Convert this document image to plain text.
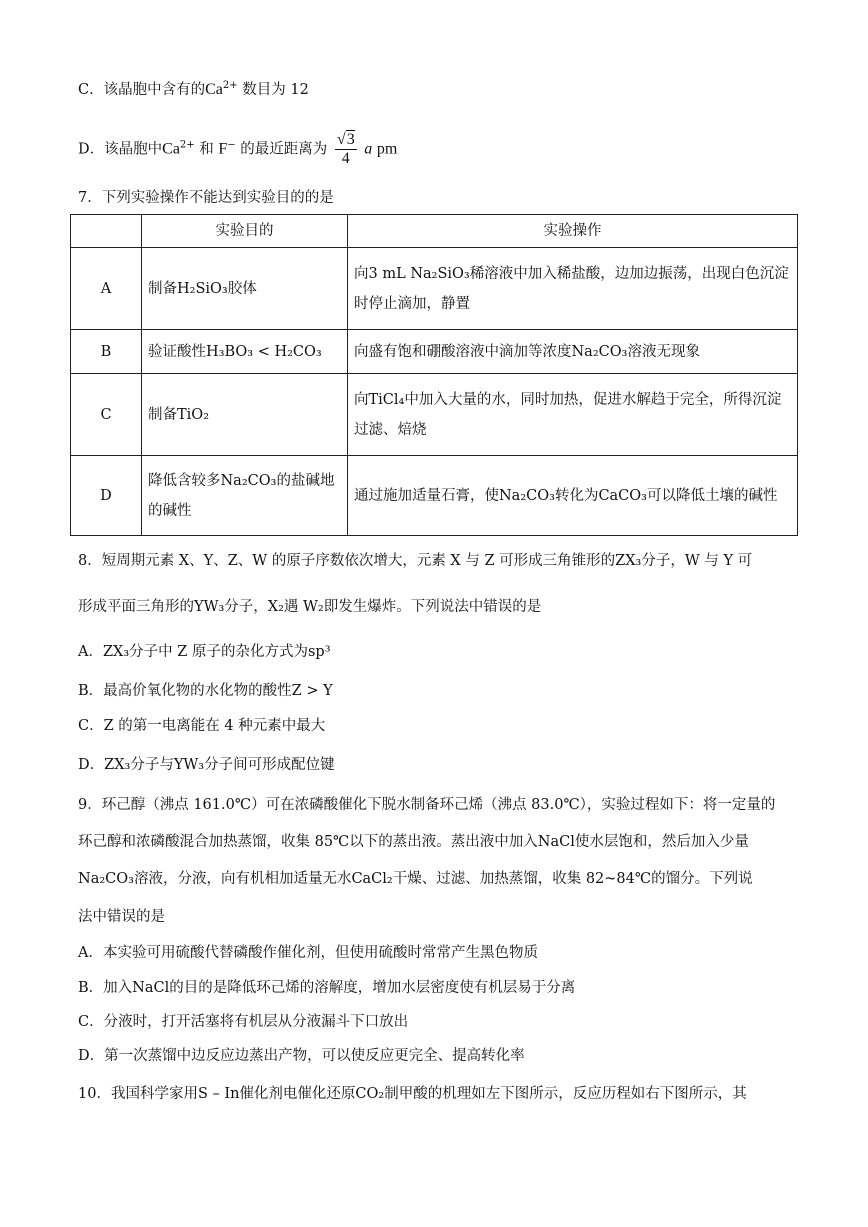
C．该晶胞中含有的$Ca^{2+}$ 数目为 12
D．该晶胞中$Ca^{2+}$ 和 F− 的最近距离为 $\frac{√3}{4}$ a pm
7．下列实验操作不能达到实验目的的是
	实验目的	实验操作
A	制备H₂SiO₃胶体	向3 mL Na₂SiO₃稀溶液中加入稀盐酸，边加边振荡，出现白色沉淀时停止滴加，静置
B	验证酸性H₃BO₃ < H₂CO₃	向盛有饱和硼酸溶液中滴加等浓度Na₂CO₃溶液无现象
C	制备TiO₂	向TiCl₄中加入大量的水，同时加热，促进水解趋于完全，所得沉淀过滤、焙烧
D	降低含较多Na₂CO₃的盐碱地的碱性	通过施加适量石膏，使Na₂CO₃转化为CaCO₃可以降低土壤的碱性
8．短周期元素 X、Y、Z、W 的原子序数依次增大，元素 X 与 Z 可形成三角锥形的ZX₃分子，W 与 Y 可
形成平面三角形的YW₃分子，X₂遇 W₂即发生爆炸。下列说法中错误的是
A．ZX₃分子中 Z 原子的杂化方式为sp³
B．最高价氧化物的水化物的酸性Z > Y
C．Z 的第一电离能在 4 种元素中最大
D．ZX₃分子与YW₃分子间可形成配位键
9．环己醇（沸点 161.0℃）可在浓磷酸催化下脱水制备环己烯（沸点 83.0℃），实验过程如下：将一定量的
环己醇和浓磷酸混合加热蒸馏，收集 85℃以下的蒸出液。蒸出液中加入NaCl使水层饱和，然后加入少量
Na₂CO₃溶液，分液，向有机相加适量无水CaCl₂干燥、过滤、加热蒸馏，收集 82~84℃的馏分。下列说
法中错误的是
A．本实验可用硫酸代替磷酸作催化剂，但使用硫酸时常常产生黑色物质
B．加入NaCl的目的是降低环己烯的溶解度，增加水层密度使有机层易于分离
C．分液时，打开活塞将有机层从分液漏斗下口放出
D．第一次蒸馏中边反应边蒸出产物，可以使反应更完全、提高转化率
10．我国科学家用S – In催化剂电催化还原CO₂制甲酸的机理如左下图所示，反应历程如右下图所示，其
